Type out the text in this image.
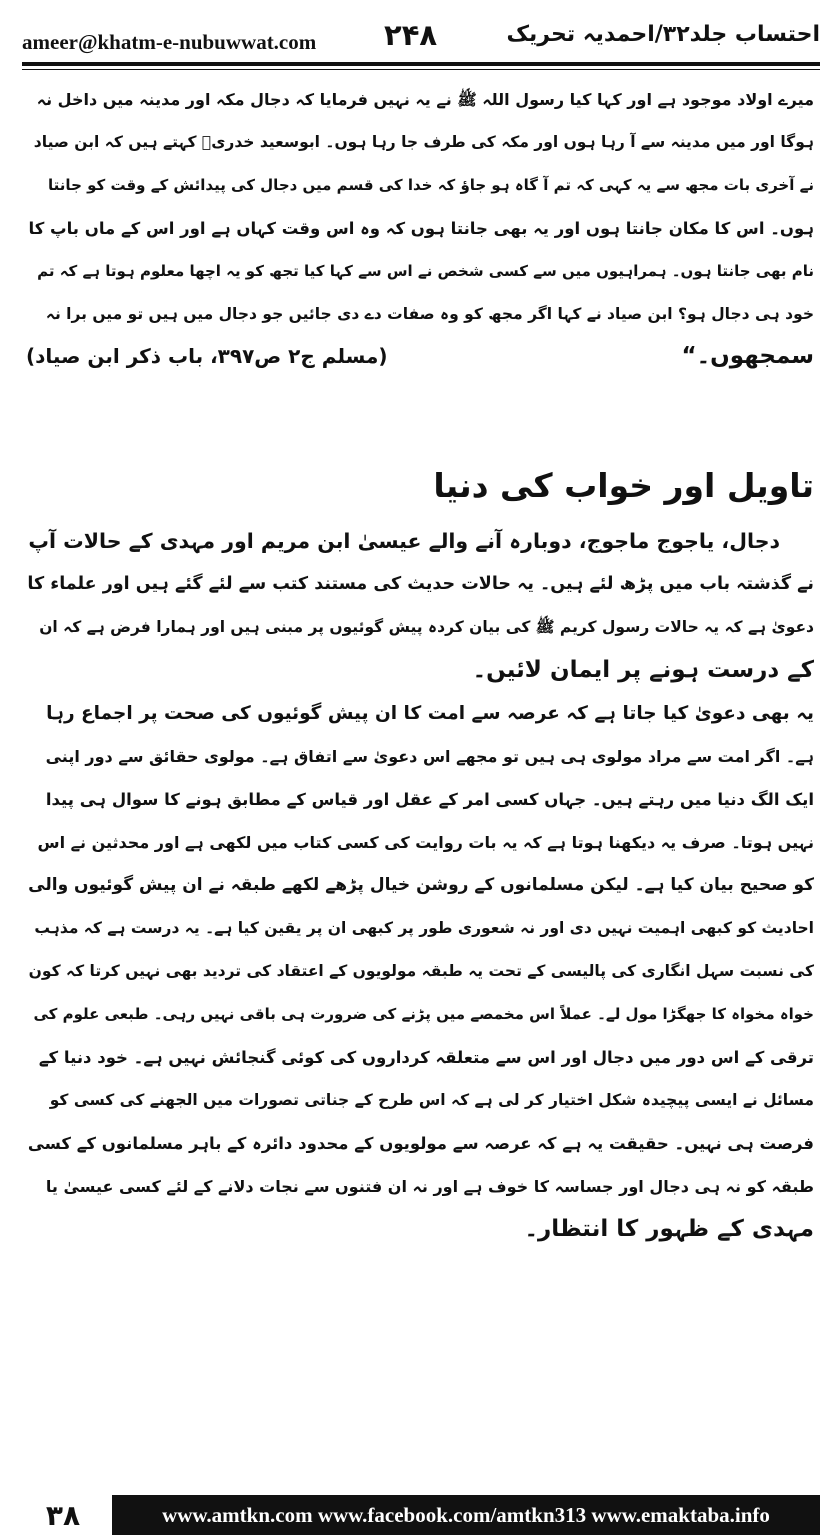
ameer@khatm-e-nubuwwat.com ۲۴۸	احتساب جلد۳۲/احمدیہ تحریک
میرے اولاد موجود ہے اور کہا کیا رسول اللہ ﷺ نے یہ نہیں فرمایا کہ دجال مکہ اور مدینہ میں داخل نہ
ہوگا اور میں مدینہ سے آ رہا ہوں اور مکہ کی طرف جا رہا ہوں۔ ابوسعید خدریؓ کہتے ہیں کہ ابن صیاد
نے آخری بات مجھ سے یہ کہی کہ تم آ گاہ ہو جاؤ کہ خدا کی قسم میں دجال کی پیدائش کے وقت کو جانتا
ہوں۔ اس کا مکان جانتا ہوں اور یہ بھی جانتا ہوں کہ وہ اس وقت کہاں ہے اور اس کے ماں باپ کا
نام بھی جانتا ہوں۔ ہمراہیوں میں سے کسی شخص نے اس سے کہا کیا تجھ کو یہ اچھا معلوم ہوتا ہے کہ تم
خود ہی دجال ہو؟ ابن صیاد نے کہا اگر مجھ کو وہ صفات دے دی جائیں جو دجال میں ہیں تو میں برا نہ
سمجھوں۔“
(مسلم ج۲ ص۳۹۷، باب ذکر ابن صیاد)
تاویل اور خواب کی دنیا
دجال، یاجوج ماجوج، دوبارہ آنے والے عیسیٰ ابن مریم اور مہدی کے حالات آپ
نے گذشتہ باب میں پڑھ لئے ہیں۔ یہ حالات حدیث کی مستند کتب سے لئے گئے ہیں اور علماء کا
دعویٰ ہے کہ یہ حالات رسول کریم ﷺ کی بیان کردہ پیش گوئیوں پر مبنی ہیں اور ہمارا فرض ہے کہ ان
کے درست ہونے پر ایمان لائیں۔
یہ بھی دعویٰ کیا جاتا ہے کہ عرصہ سے امت کا ان پیش گوئیوں کی صحت پر اجماع رہا
ہے۔ اگر امت سے مراد مولوی ہی ہیں تو مجھے اس دعویٰ سے اتفاق ہے۔ مولوی حقائق سے دور اپنی
ایک الگ دنیا میں رہتے ہیں۔ جہاں کسی امر کے عقل اور قیاس کے مطابق ہونے کا سوال ہی پیدا
نہیں ہوتا۔ صرف یہ دیکھنا ہوتا ہے کہ یہ بات روایت کی کسی کتاب میں لکھی ہے اور محدثین نے اس
کو صحیح بیان کیا ہے۔ لیکن مسلمانوں کے روشن خیال پڑھے لکھے طبقہ نے ان پیش گوئیوں والی
احادیث کو کبھی اہمیت نہیں دی اور نہ شعوری طور پر کبھی ان پر یقین کیا ہے۔ یہ درست ہے کہ مذہب
کی نسبت سہل انگاری کی پالیسی کے تحت یہ طبقہ مولویوں کے اعتقاد کی تردید بھی نہیں کرتا کہ کون
خواہ مخواہ کا جھگڑا مول لے۔ عملاً اس مخمصے میں پڑنے کی ضرورت ہی باقی نہیں رہی۔ طبعی علوم کی
ترقی کے اس دور میں دجال اور اس سے متعلقہ کرداروں کی کوئی گنجائش نہیں ہے۔ خود دنیا کے
مسائل نے ایسی پیچیدہ شکل اختیار کر لی ہے کہ اس طرح کے جناتی تصورات میں الجھنے کی کسی کو
فرصت ہی نہیں۔ حقیقت یہ ہے کہ عرصہ سے مولویوں کے محدود دائرہ کے باہر مسلمانوں کے کسی
طبقہ کو نہ ہی دجال اور جساسہ کا خوف ہے اور نہ ان فتنوں سے نجات دلانے کے لئے کسی عیسیٰ یا
مہدی کے ظہور کا انتظار۔
۳۸	www.amtkn.com www.facebook.com/amtkn313 www.emaktaba.info
